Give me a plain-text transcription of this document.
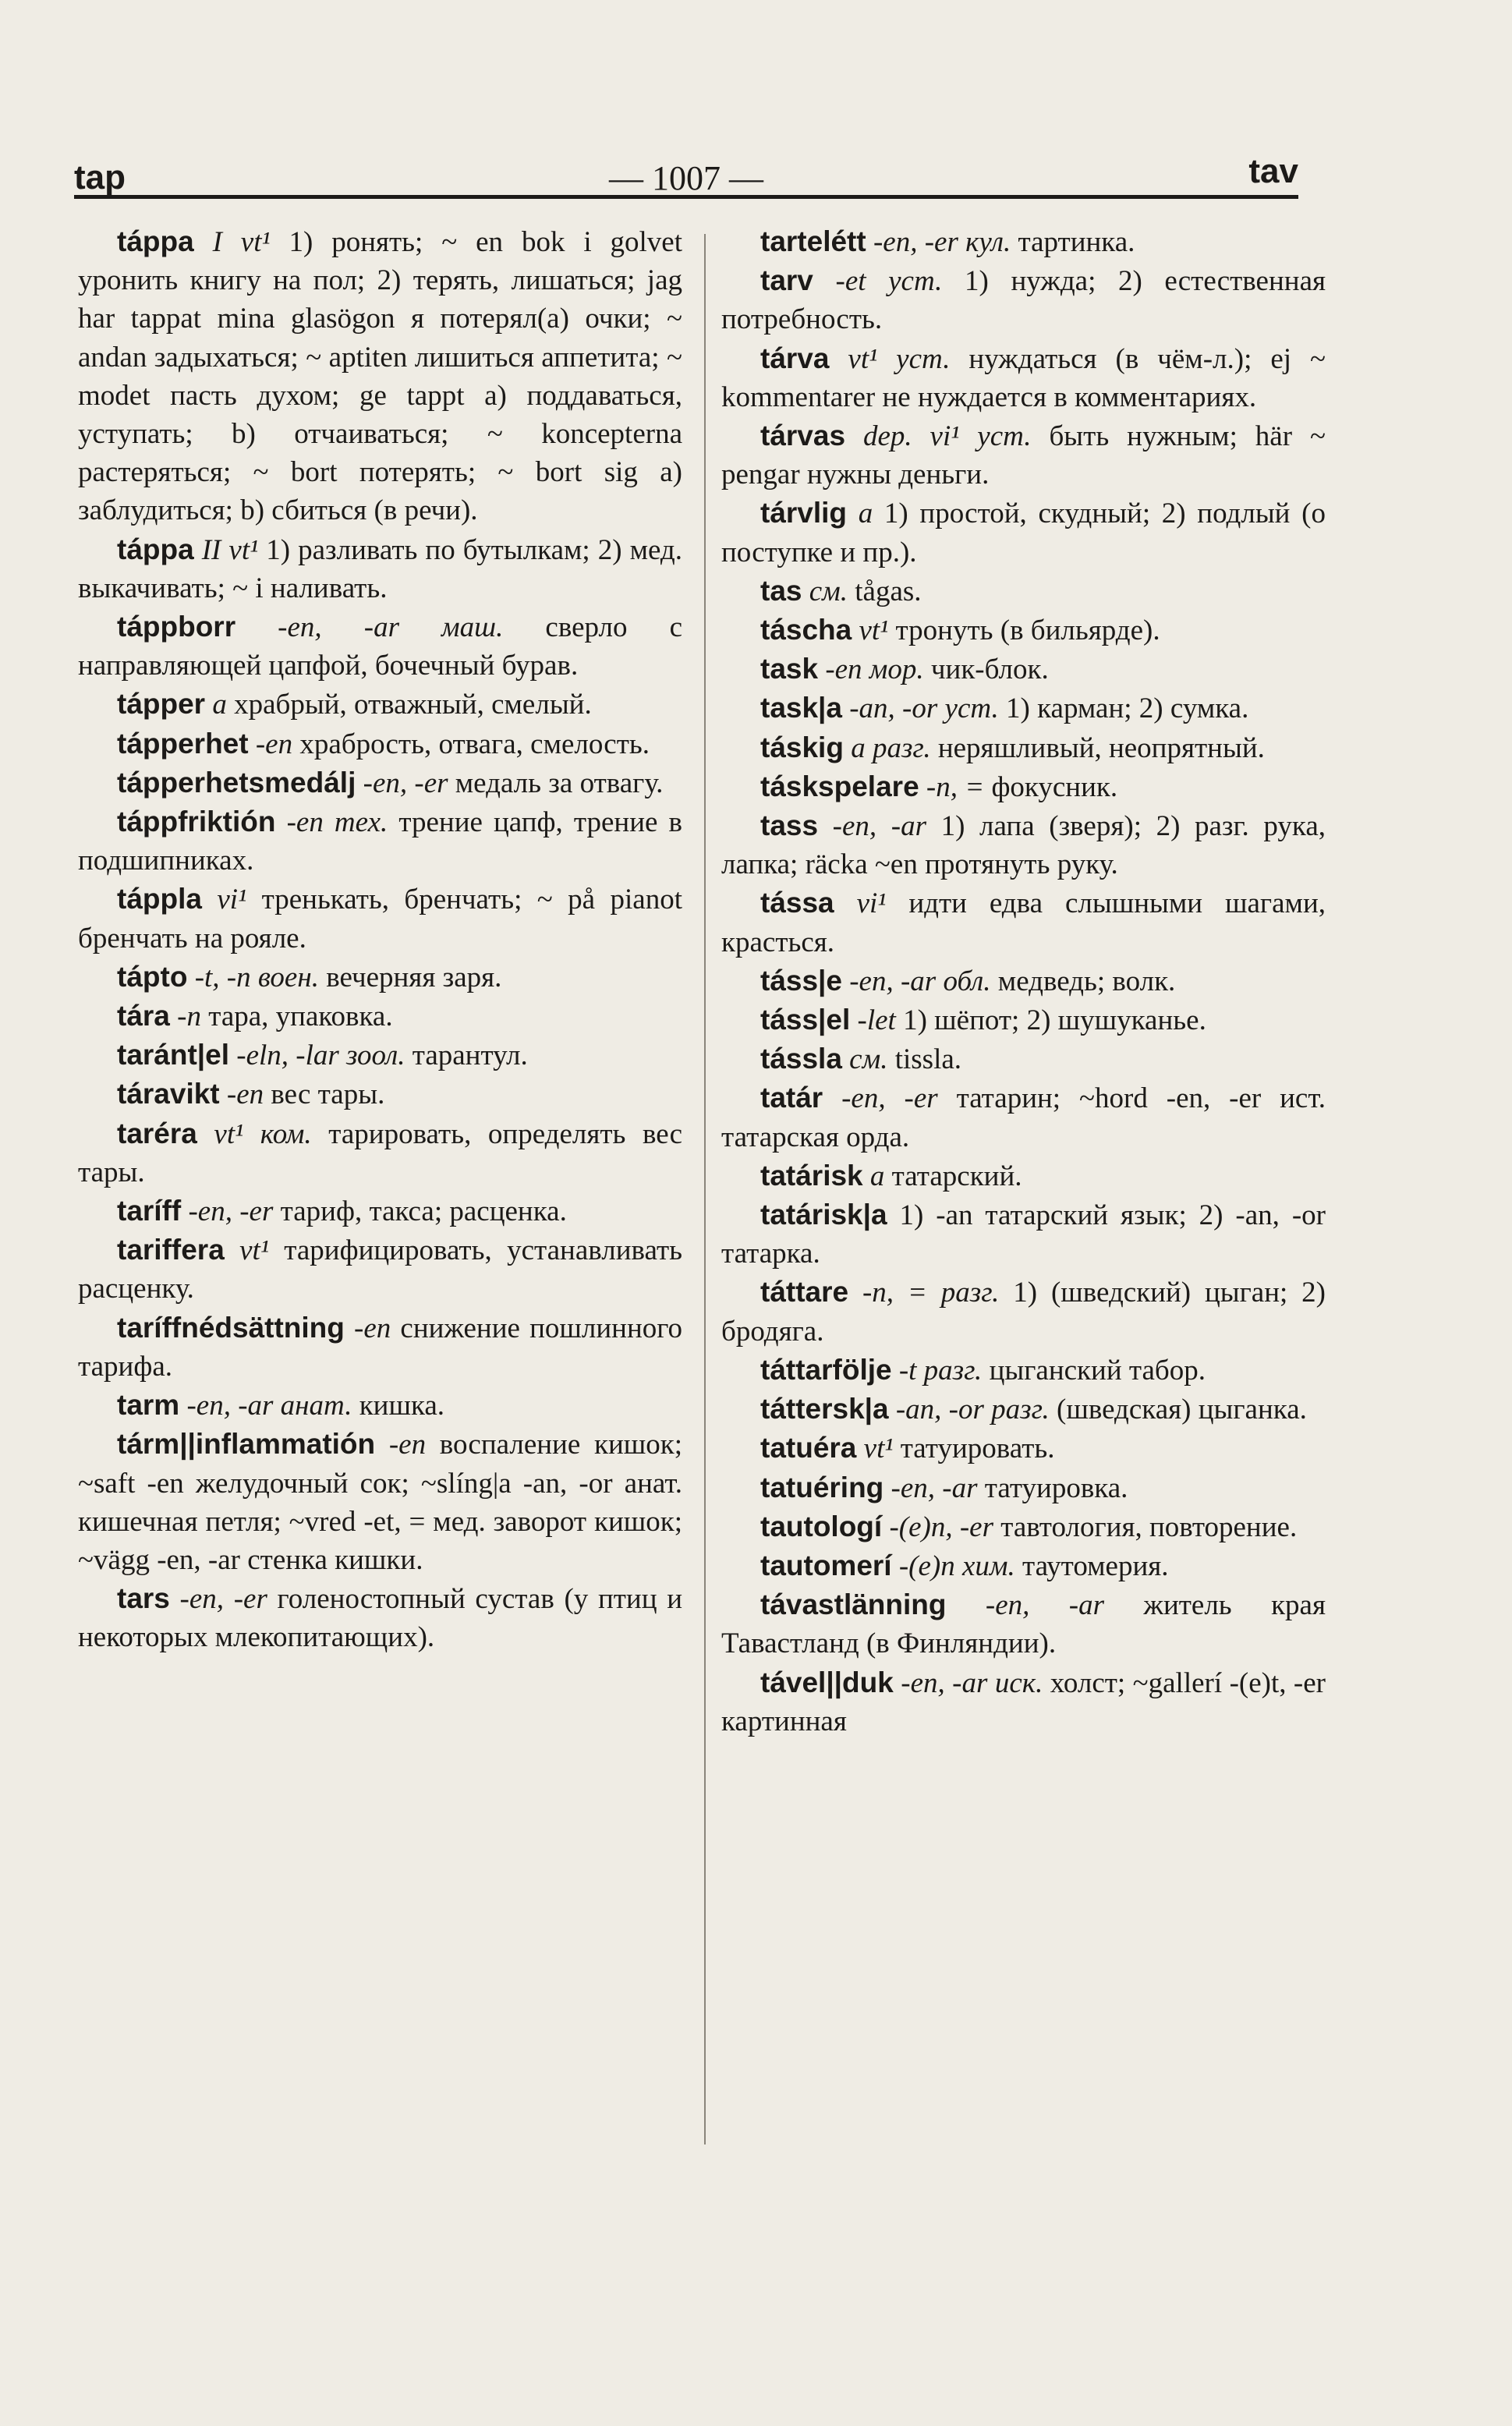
tap	— 1007 —	tav

táppa I vt¹ 1) ронять; ~ en bok i golvet уронить книгу на пол; 2) терять, лишаться; jag har tappat mina glasögon я потерял(а) очки; ~ andan задыхаться; ~ aptiten лишиться аппетита; ~ modet пасть духом; ge tappt а) поддаваться, уступать; b) отчаиваться; ~ koncepterna растеряться; ~ bort потерять; ~ bort sig а) заблудиться; b) сбиться (в речи).

táppa II vt¹ 1) разливать по бутылкам; 2) мед. выкачивать; ~ i наливать.

táppborr -en, -ar маш. сверло с направляющей цапфой, бочечный бурав.

tápper a храбрый, отважный, смелый.

tápperhet -en храбрость, отвага, смелость.

tápperhetsmedálj -en, -er медаль за отвагу.

táppfriktión -en тех. трение цапф, трение в подшипниках.

táppla vi¹ тренькать, бренчать; ~ på pianot бренчать на рояле.

tápto -t, -n воен. вечерняя заря.

tára -n тара, упаковка.

taránt|el -eln, -lar зоол. тарантул.

táravikt -en вес тары.

taréra vt¹ ком. тарировать, определять вес тары.

taríff -en, -er тариф, такса; расценка.

tariffera vt¹ тарифицировать, устанавливать расценку.

taríffnédsättning -en снижение пошлинного тарифа.

tarm -en, -ar анат. кишка.

tárm||inflammatión -en воспаление кишок; ~saft -en желудочный сок; ~slíng|a -an, -or анат. кишечная петля; ~vred -et, = мед. заворот кишок; ~vägg -en, -ar стенка кишки.

tars -en, -er голеностопный сустав (у птиц и некоторых млекопитающих).

tartelétt -en, -er кул. тартинка.

tarv -et уст. 1) нужда; 2) естественная потребность.

tárva vt¹ уст. нуждаться (в чём-л.); ej ~ kommentarer не нуждается в комментариях.

tárvas dep. vi¹ уст. быть нужным; här ~ pengar нужны деньги.

tárvlig a 1) простой, скудный; 2) подлый (о поступке и пр.).

tas см. tågas.

táscha vt¹ тронуть (в бильярде).

task -en мор. чик-блок.

task|a -an, -or уст. 1) карман; 2) сумка.

táskig a разг. неряшливый, неопрятный.

táskspelare -n, = фокусник.

tass -en, -ar 1) лапа (зверя); 2) разг. рука, лапка; räcka ~en протянуть руку.

tássa vi¹ идти едва слышными шагами, красться.

táss|e -en, -ar обл. медведь; волк.

táss|el -let 1) шёпот; 2) шушуканье.

tássla см. tissla.

tatár -en, -er татарин; ~hord -en, -er ист. татарская орда.

tatárisk a татарский.

tatárisk|a 1) -an татарский язык; 2) -an, -or татарка.

táttare -n, = разг. 1) (шведский) цыган; 2) бродяга.

táttarfölje -t разг. цыганский табор.

táttersk|a -an, -or разг. (шведская) цыганка.

tatuéra vt¹ татуировать.

tatuéring -en, -ar татуировка.

tautologí -(e)n, -er тавтология, повторение.

tautomerí -(e)n хим. таутомерия.

távastlänning -en, -ar житель края Тавастланд (в Финляндии).

tável||duk -en, -ar иск. холст; ~gallerí -(e)t, -er картинная
